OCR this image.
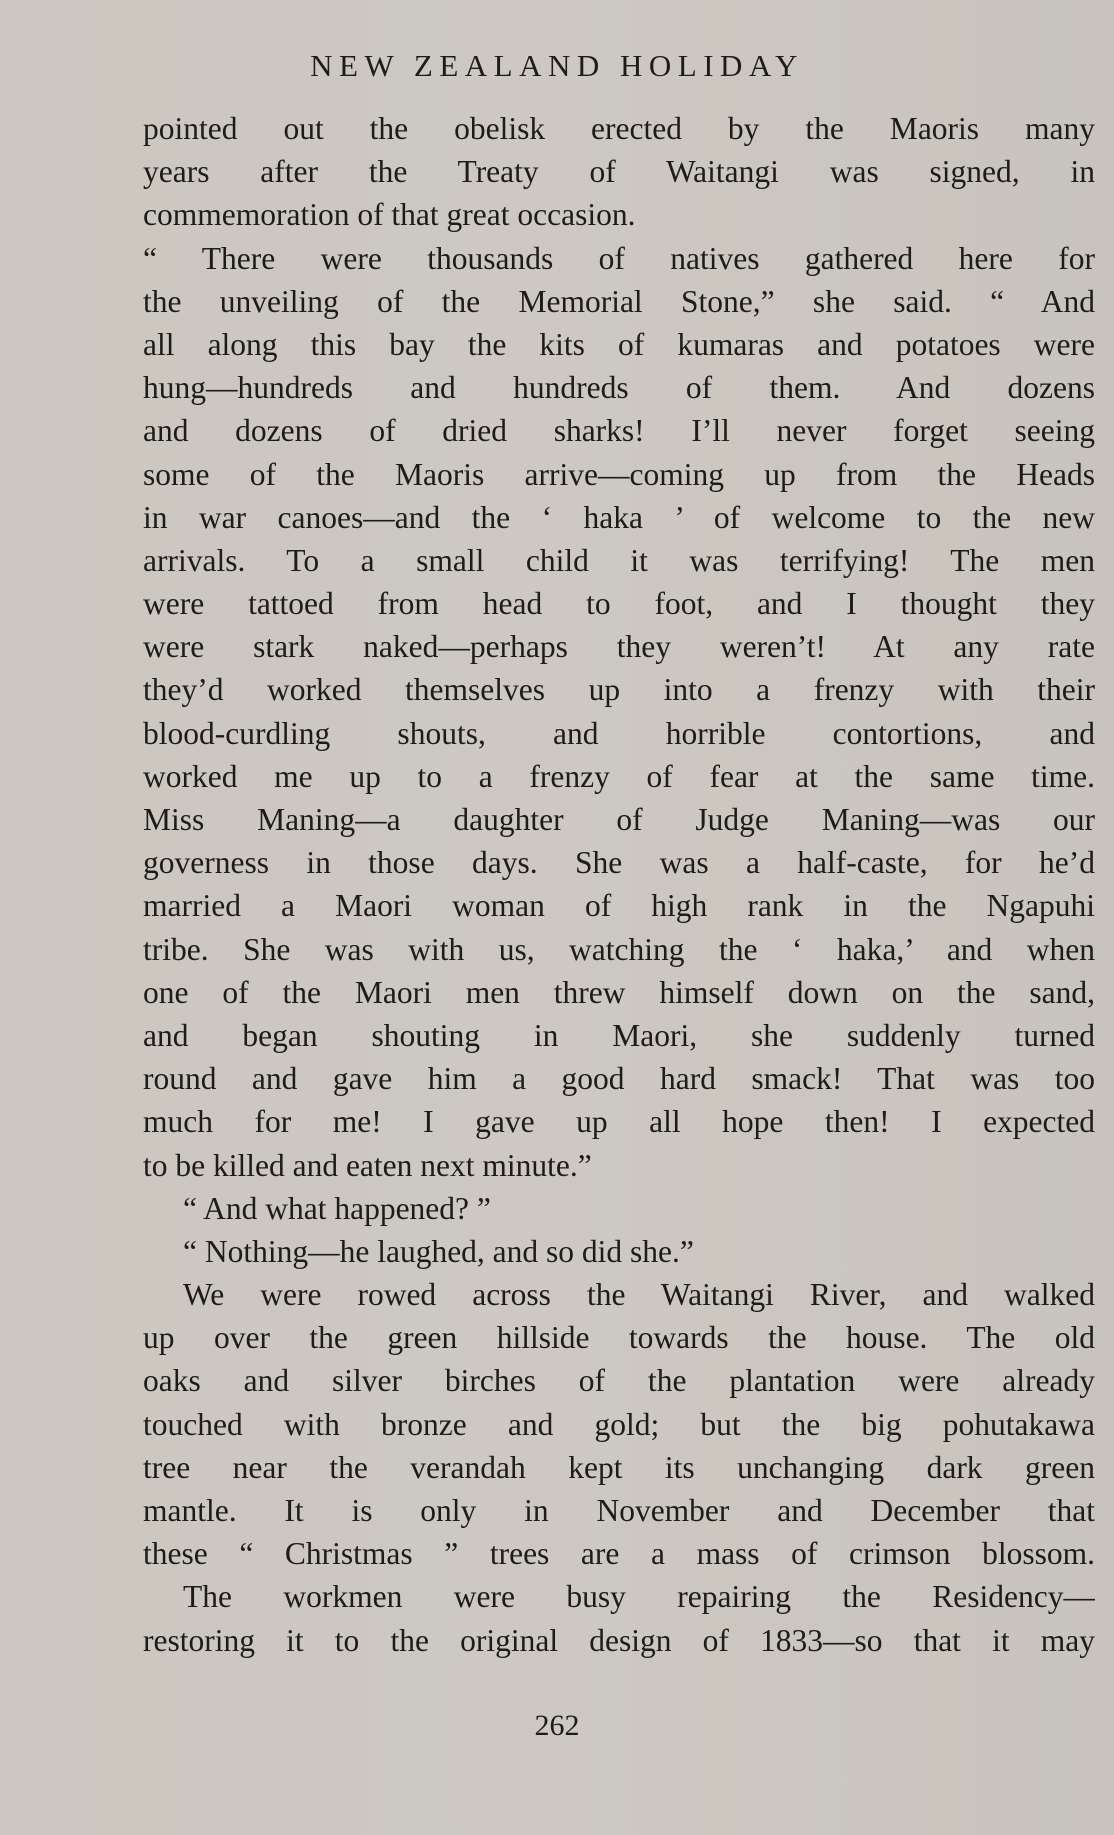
NEW ZEALAND HOLIDAY
pointed out the obelisk erected by the Maoris many
years after the Treaty of Waitangi was signed, in
commemoration of that great occasion.
“ There were thousands of natives gathered here for
the unveiling of the Memorial Stone,” she said. “ And
all along this bay the kits of kumaras and potatoes were
hung—hundreds and hundreds of them. And dozens
and dozens of dried sharks! I’ll never forget seeing
some of the Maoris arrive—coming up from the Heads
in war canoes—and the ‘ haka ’ of welcome to the new
arrivals. To a small child it was terrifying! The men
were tattoed from head to foot, and I thought they
were stark naked—perhaps they weren’t! At any rate
they’d worked themselves up into a frenzy with their
blood-curdling shouts, and horrible contortions, and
worked me up to a frenzy of fear at the same time.
Miss Maning—a daughter of Judge Maning—was our
governess in those days. She was a half-caste, for he’d
married a Maori woman of high rank in the Ngapuhi
tribe. She was with us, watching the ‘ haka,’ and when
one of the Maori men threw himself down on the sand,
and began shouting in Maori, she suddenly turned
round and gave him a good hard smack! That was too
much for me! I gave up all hope then! I expected
to be killed and eaten next minute.”
“ And what happened? ”
“ Nothing—he laughed, and so did she.”
We were rowed across the Waitangi River, and walked
up over the green hillside towards the house. The old
oaks and silver birches of the plantation were already
touched with bronze and gold; but the big pohutakawa
tree near the verandah kept its unchanging dark green
mantle. It is only in November and December that
these “ Christmas ” trees are a mass of crimson blossom.
The workmen were busy repairing the Residency—
restoring it to the original design of 1833—so that it may
262
